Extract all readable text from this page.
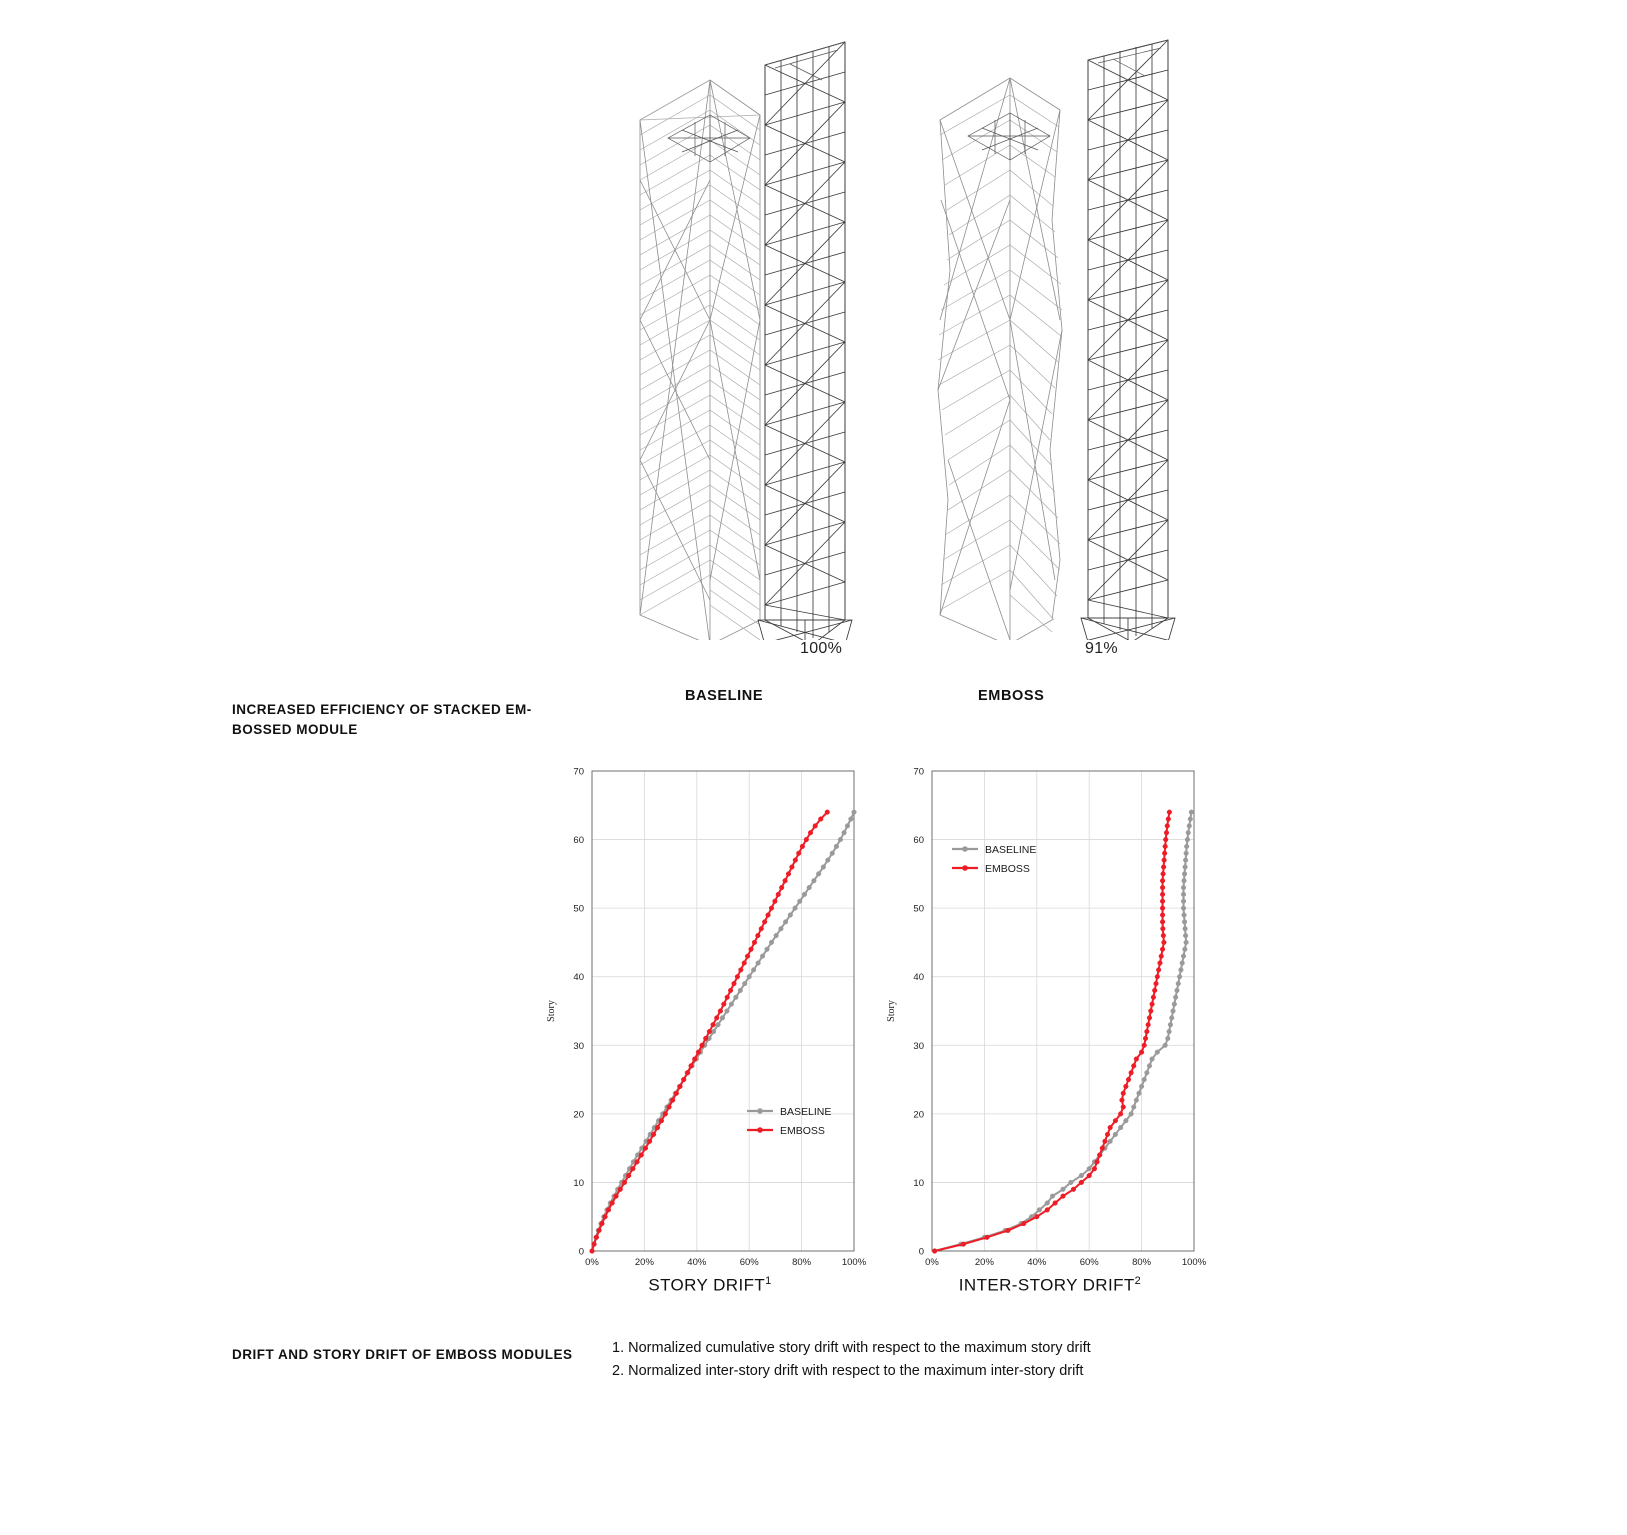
100%	91%
BASELINE	EMBOSS
INCREASED EFFICIENCY OF STACKED EM-BOSSED MODULE
0%	20%	40%	60%	80%	100%
0
10
20
30
40
50
60
70
Story
BASELINE
EMBOSS
STORY DRIFT$^1$
0%	20%	40%	60%	80%	100%
0
10
20
30
40
50
60
70
Story
BASELINE
EMBOSS
INTER-STORY DRIFT$^2$
DRIFT AND STORY DRIFT OF EMBOSS MODULES	1. Normalized cumulative story drift with respect to the maximum story drift
2. Normalized inter-story drift with respect to the maximum inter-story drift
